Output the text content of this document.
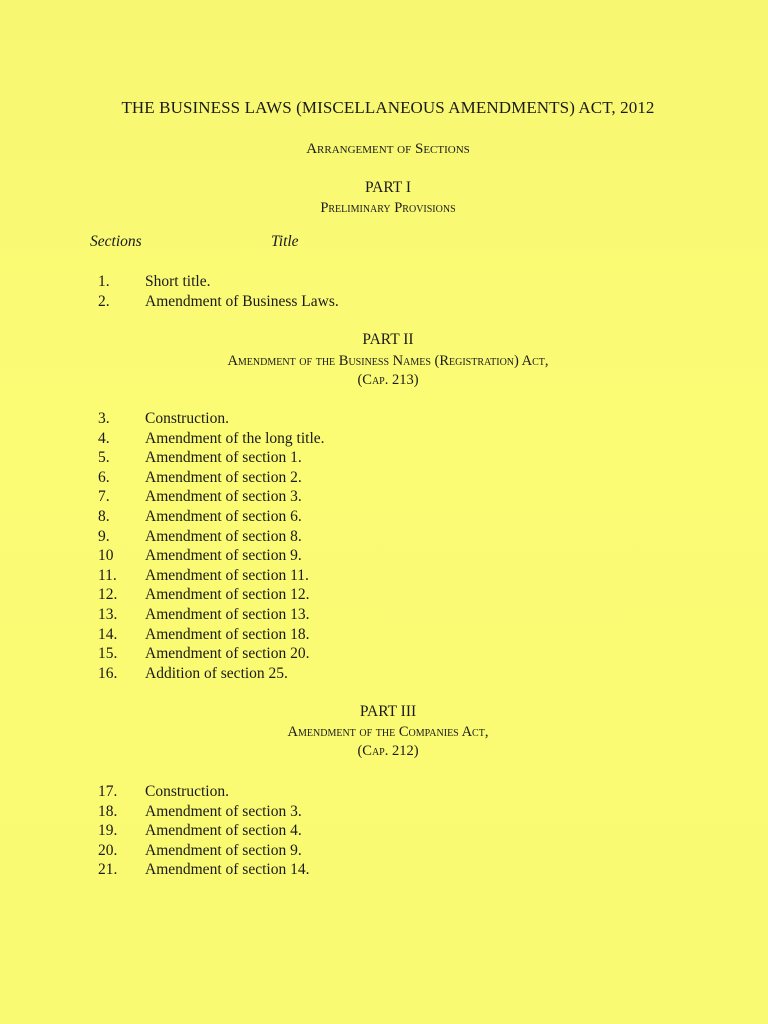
THE BUSINESS LAWS (MISCELLANEOUS AMENDMENTS) ACT, 2012
Arrangement of Sections
PART I
Preliminary Provisions
Sections	Title
1.	Short title.
2.	Amendment of Business Laws.
PART II
Amendment of the Business Names (Registration) Act,
(Cap. 213)
3.	Construction.
4.	Amendment of the long title.
5.	Amendment of section 1.
6.	Amendment of section 2.
7.	Amendment of section 3.
8.	Amendment of section 6.
9.	Amendment of section 8.
10	Amendment of section 9.
11.	Amendment of section 11.
12.	Amendment of section 12.
13.	Amendment of section 13.
14.	Amendment of section 18.
15.	Amendment of section 20.
16.	Addition of section 25.
PART III
Amendment of the Companies Act,
(Cap. 212)
17.	Construction.
18.	Amendment of section 3.
19.	Amendment of section 4.
20.	Amendment of section 9.
21.	Amendment of section 14.
